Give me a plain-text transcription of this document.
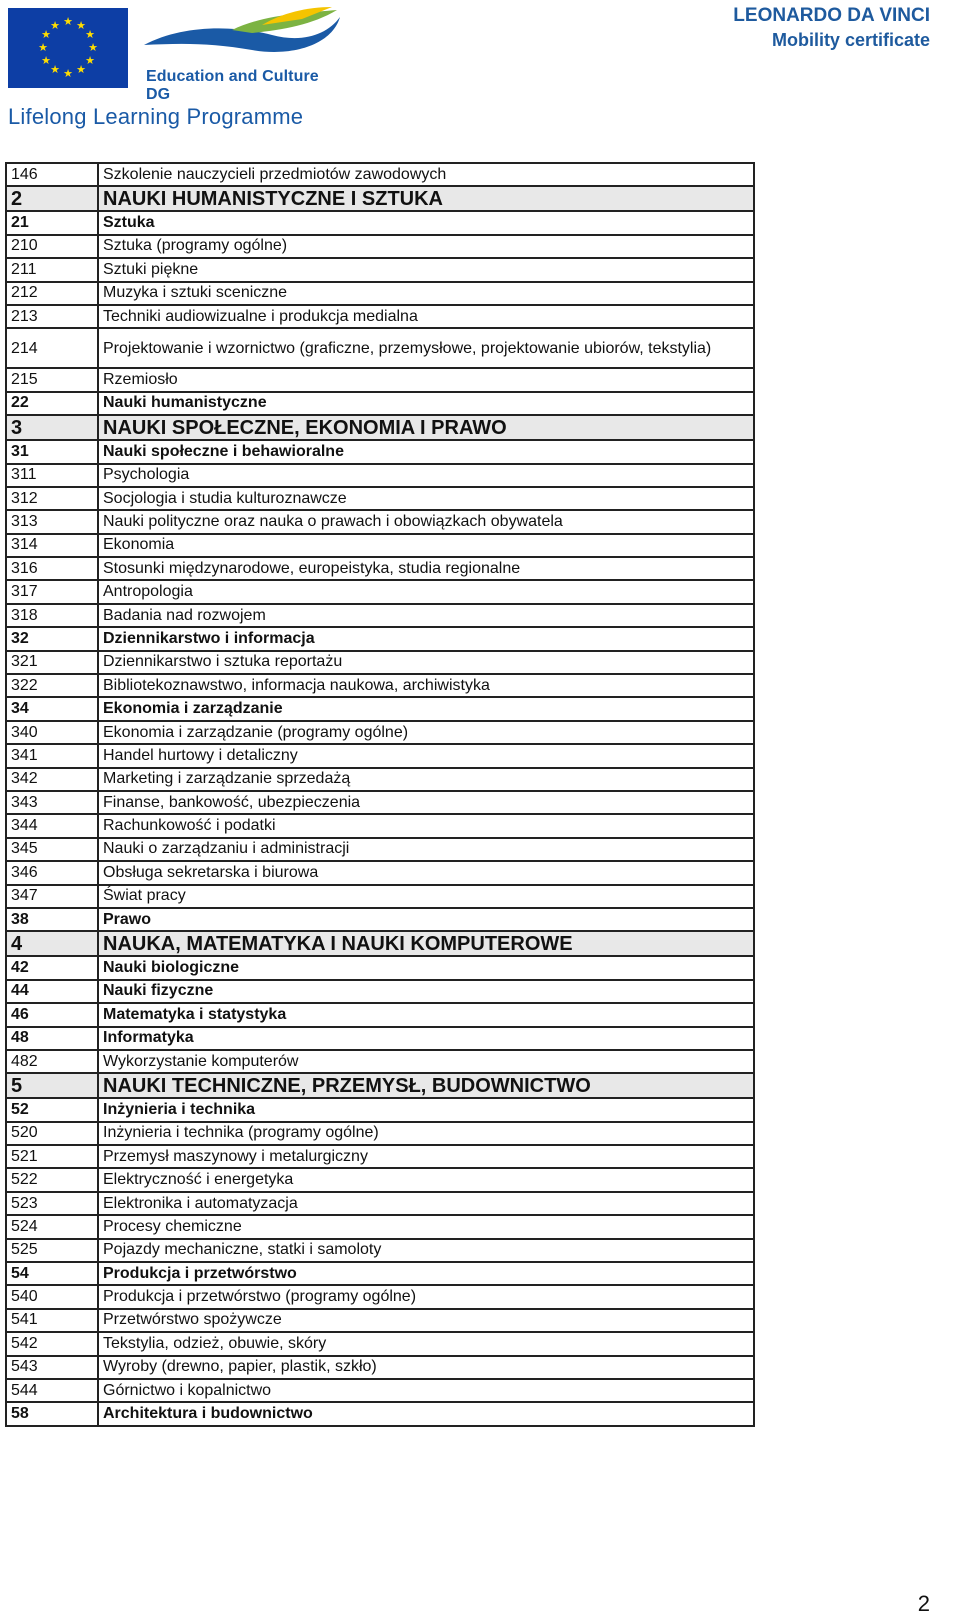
★ ★
★
★
★
★
★
★
★
★
★
★
Education and Culture DG
Lifelong Learning Programme
LEONARDO DA VINCI
Mobility certificate
146	Szkolenie nauczycieli przedmiotów zawodowych
2	NAUKI HUMANISTYCZNE I SZTUKA
21	Sztuka
210	Sztuka (programy ogólne)
211	Sztuki piękne
212	Muzyka i sztuki sceniczne
213	Techniki audiowizualne i produkcja medialna
214	Projektowanie i wzornictwo (graficzne, przemysłowe, projektowanie ubiorów, tekstylia)
215	Rzemiosło
22	Nauki humanistyczne
3	NAUKI SPOŁECZNE, EKONOMIA I PRAWO
31	Nauki społeczne i behawioralne
311	Psychologia
312	Socjologia i studia kulturoznawcze
313	Nauki polityczne oraz nauka o prawach i obowiązkach obywatela
314	Ekonomia
316	Stosunki międzynarodowe, europeistyka, studia regionalne
317	Antropologia
318	Badania nad rozwojem
32	Dziennikarstwo i informacja
321	Dziennikarstwo i sztuka reportażu
322	Bibliotekoznawstwo, informacja naukowa, archiwistyka
34	Ekonomia i zarządzanie
340	Ekonomia i zarządzanie (programy ogólne)
341	Handel hurtowy i detaliczny
342	Marketing i zarządzanie sprzedażą
343	Finanse, bankowość, ubezpieczenia
344	Rachunkowość i podatki
345	Nauki o zarządzaniu i administracji
346	Obsługa sekretarska i biurowa
347	Świat pracy
38	Prawo
4	NAUKA, MATEMATYKA I NAUKI KOMPUTEROWE
42	Nauki biologiczne
44	Nauki fizyczne
46	Matematyka i statystyka
48	Informatyka
482	Wykorzystanie komputerów
5	NAUKI TECHNICZNE, PRZEMYSŁ, BUDOWNICTWO
52	Inżynieria i technika
520	Inżynieria i technika (programy ogólne)
521	Przemysł maszynowy i metalurgiczny
522	Elektryczność i energetyka
523	Elektronika i automatyzacja
524	Procesy chemiczne
525	Pojazdy mechaniczne, statki i samoloty
54	Produkcja i przetwórstwo
540	Produkcja i przetwórstwo (programy ogólne)
541	Przetwórstwo spożywcze
542	Tekstylia, odzież, obuwie, skóry
543	Wyroby (drewno, papier, plastik, szkło)
544	Górnictwo i kopalnictwo
58	Architektura i budownictwo
2
